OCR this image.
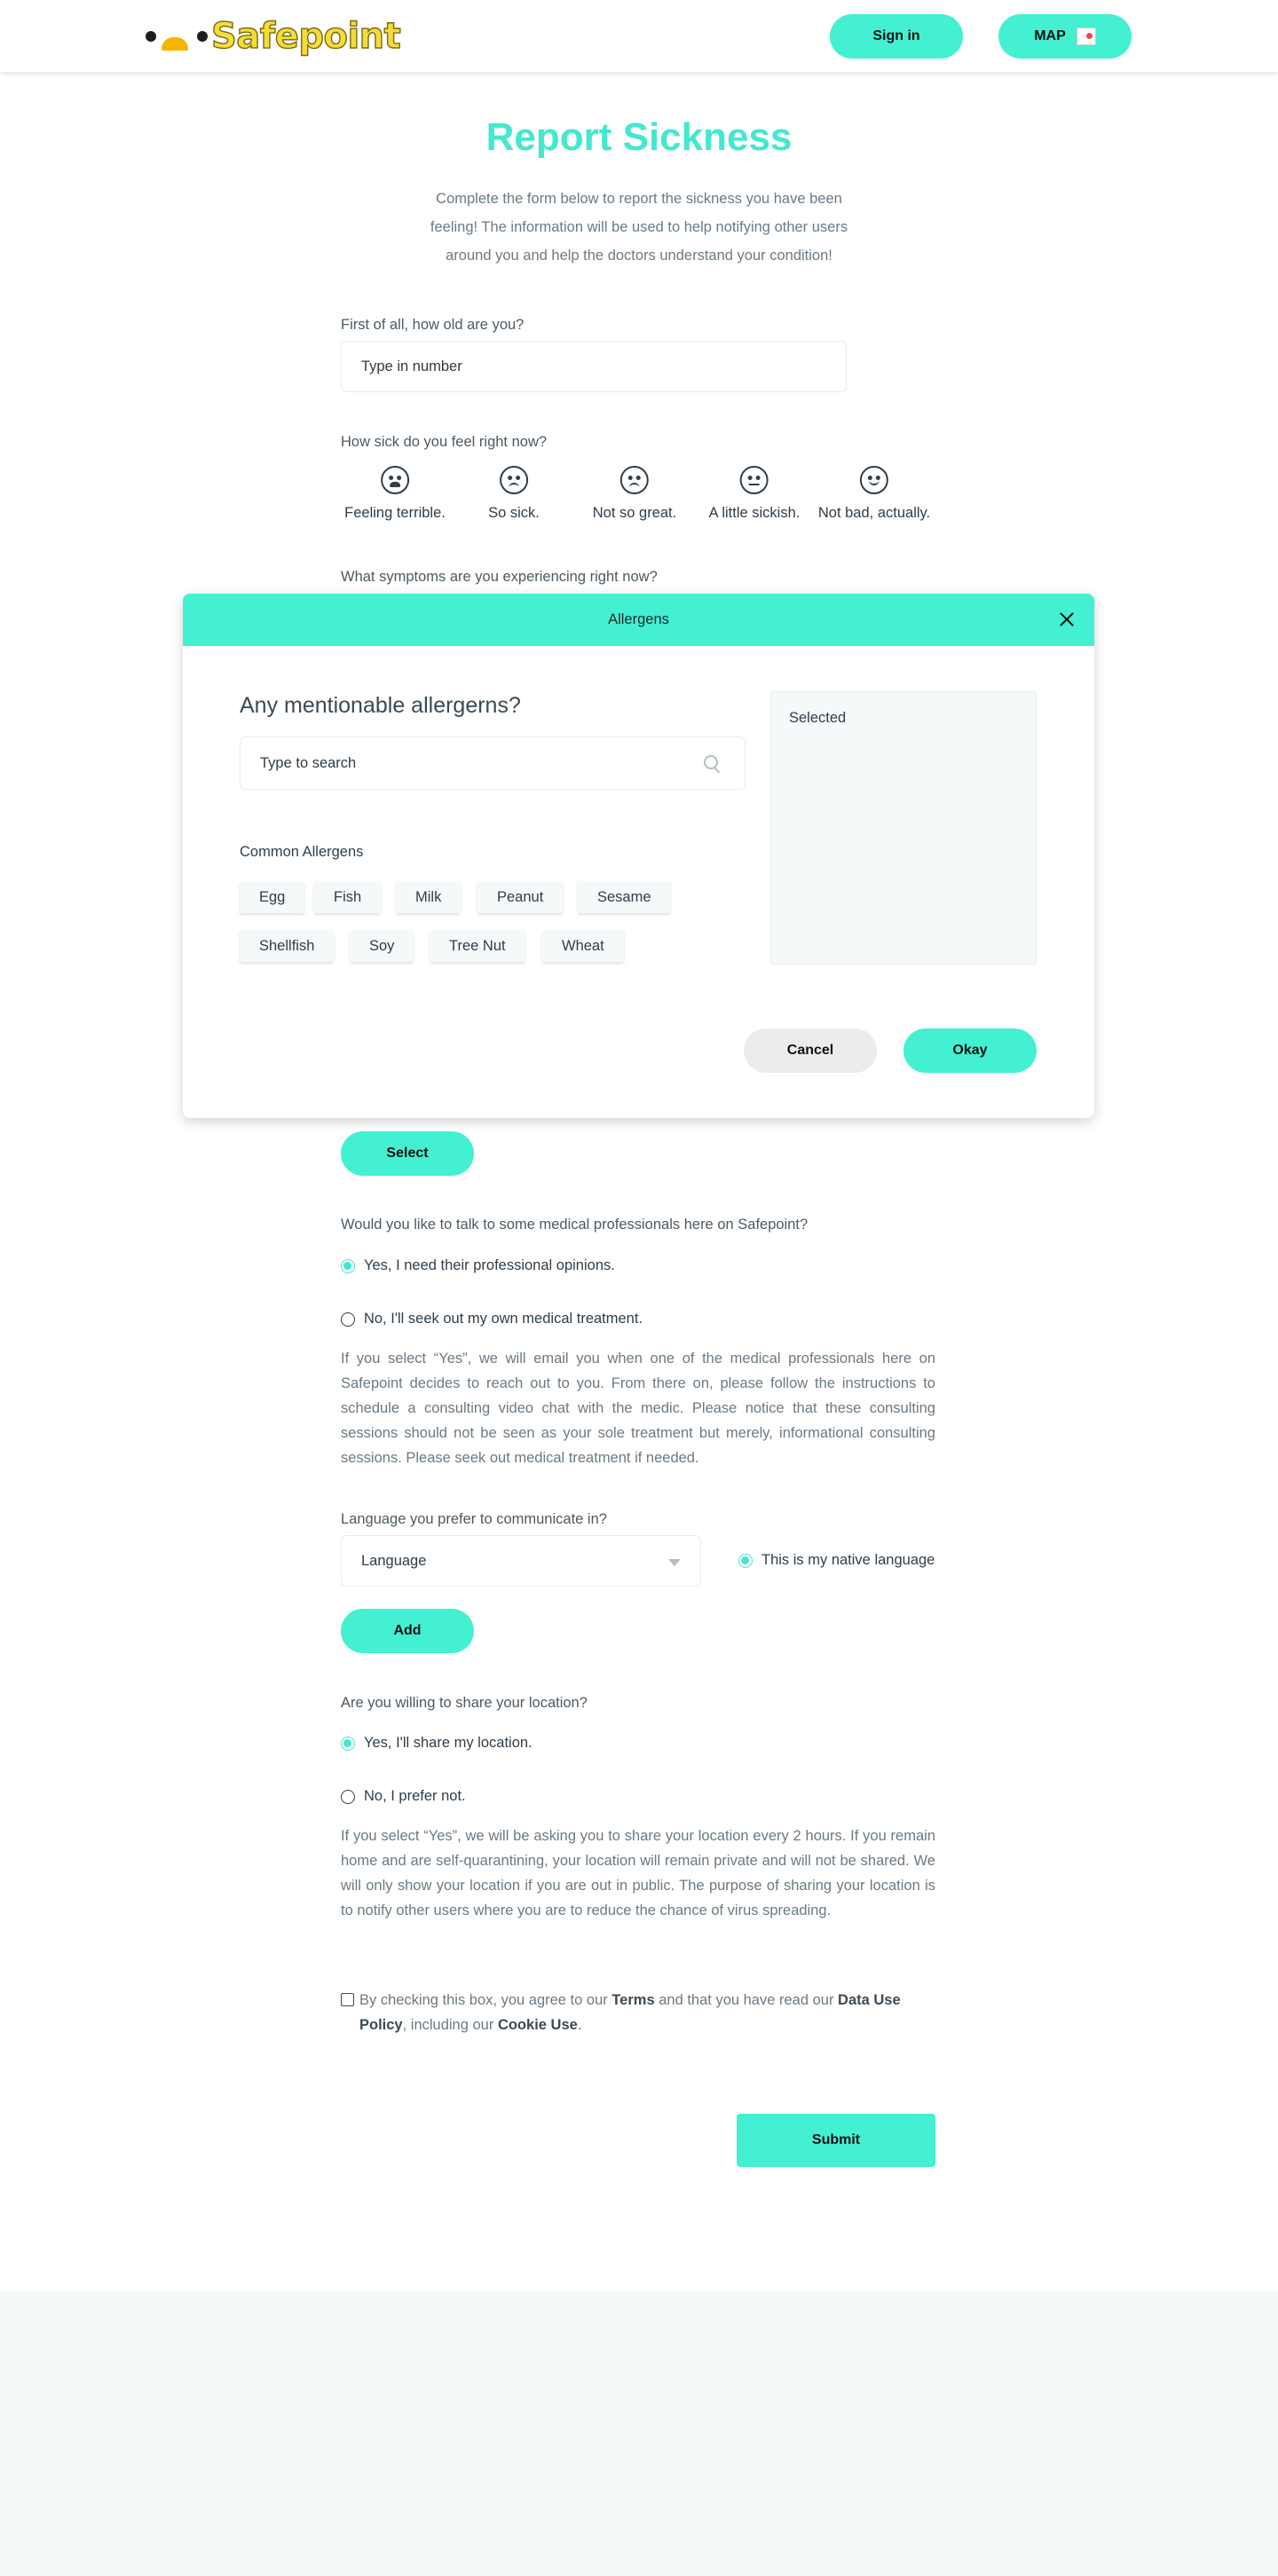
Safepoint	Sign in	MAP
Report Sickness

Complete the form below to report the sickness you have been feeling! The information will be used to help notifying other users around you and help the doctors understand your condition!

First of all, how old are you?
Type in number
How sick do you feel right now?
Feeling terrible.	So sick.	Not so great. A little sickish. Not bad, actually.
What symptoms are you experiencing right now?
Select
Would you like to talk to some medical professionals here on Safepoint?
Yes, I need their professional opinions.
No, I'll seek out my own medical treatment.

If you select “Yes”, we will email you when one of the medical professionals here on Safepoint decides to reach out to you. From there on, please follow the instructions to schedule a consulting video chat with the medic. Please notice that these consulting sessions should not be seen as your sole treatment but merely, informational consulting sessions. Please seek out medical treatment if needed.

Language you prefer to communicate in?
Language	This is my native language
Add
Are you willing to share your location?
Yes, I'll share my location.
No, I prefer not.

If you select “Yes”, we will be asking you to share your location every 2 hours. If you remain home and are self-quarantining, your location will remain private and will not be shared. We will only show your location if you are out in public. The purpose of sharing your location is to notify other users where you are to reduce the chance of virus spreading.

By checking this box, you agree to our Terms and that you have read our Data Use Policy, including our Cookie Use.
Submit
Allergens
Any mentionable allergerns?
Type to search
Common Allergens
Egg	Fish	Milk	Peanut	Sesame
Shellfish	Soy	Tree Nut	Wheat
Selected
Cancel	Okay
